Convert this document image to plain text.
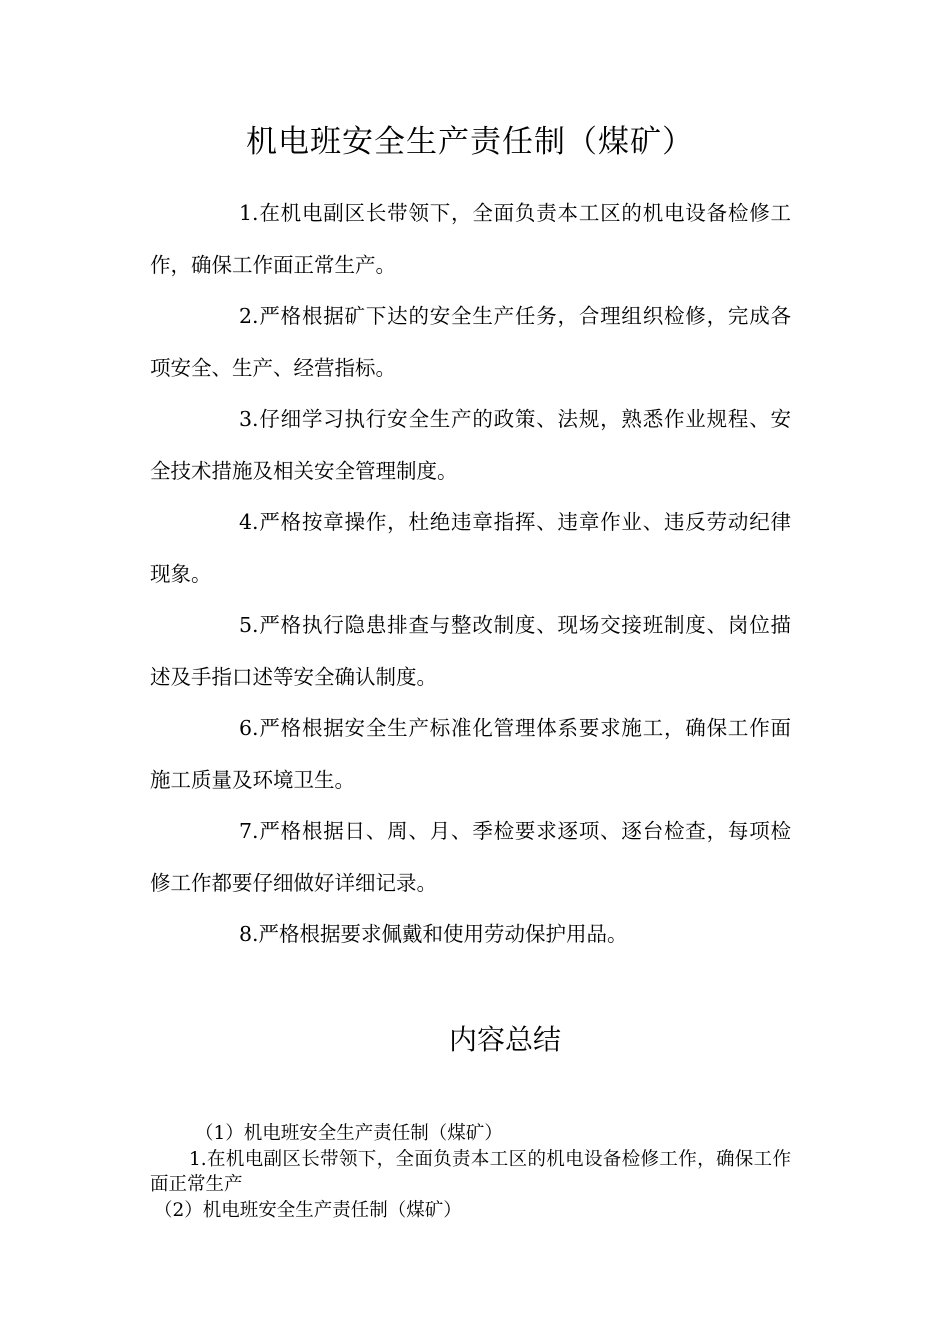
机电班安全生产责任制（煤矿）

1.在机电副区长带领下，全面负责本工区的机电设备检修工作，确保工作面正常生产。

2.严格根据矿下达的安全生产任务，合理组织检修，完成各项安全、生产、经营指标。

3.仔细学习执行安全生产的政策、法规，熟悉作业规程、安全技术措施及相关安全管理制度。

4.严格按章操作，杜绝违章指挥、违章作业、违反劳动纪律现象。

5.严格执行隐患排查与整改制度、现场交接班制度、岗位描述及手指口述等安全确认制度。

6.严格根据安全生产标准化管理体系要求施工，确保工作面施工质量及环境卫生。

7.严格根据日、周、月、季检要求逐项、逐台检查，每项检修工作都要仔细做好详细记录。

8.严格根据要求佩戴和使用劳动保护用品。

内容总结

（1）机电班安全生产责任制（煤矿）

1.在机电副区长带领下，全面负责本工区的机电设备检修工作，确保工作面正常生产

（2）机电班安全生产责任制（煤矿）
